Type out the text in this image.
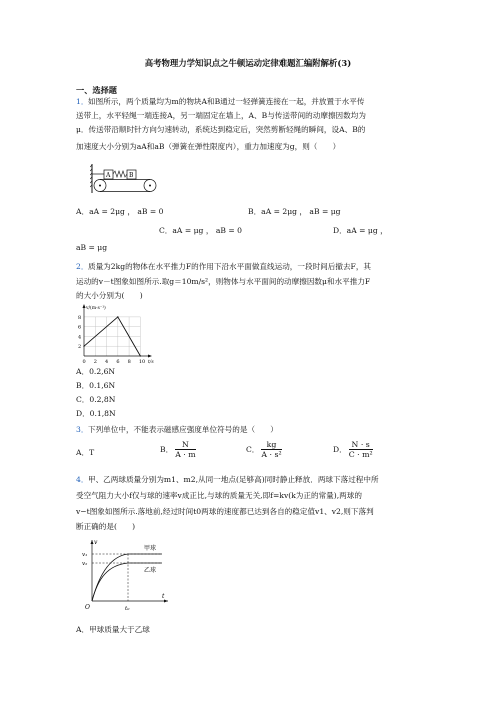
高考物理力学知识点之牛顿运动定律难题汇编附解析(3)
一、选择题
1． 如图所示，两个质量均为m的物块A和B通过一轻弹簧连接在一起，并放置于水平传
送带上，水平轻绳一端连接A，另一端固定在墙上，A、B与传送带间的动摩擦因数均为
μ．传送带沿顺时针方向匀速转动，系统达到稳定后，突然剪断轻绳的瞬间，设A、B的
加速度大小分别为aA和aB（弹簧在弹性限度内），重力加速度为g，则（　　）
A	B
A．aA = 2μg ， aB = 0	B．aA = 2μg ， aB = μg
C．aA = μg ， aB = 0	D．aA = μg ，
aB = μg
2． 质量为2kg的物体在水平推力F的作用下沿水平面做直线运动，一段时间后撤去F，其
运动的v－t图象如图所示.取g＝10m/s²，则物体与水平面间的动摩擦因数μ和水平推力F
的大小分别为(　　)
0 2 4 6 8 10
2
4
6
8
v/(m·s⁻¹)
t/s
A．0.2,6N
B．0.1,6N
C．0.2,8N
D．0.1,8N
3． 下列单位中，不能表示磁感应强度单位符号的是（　　）
A．T	B． $\frac{N}{A \cdot m}$	C． $\frac{kg}{\text{A · s²}}$	D． $\frac{N \cdot s}{\text{C · m²}}$
4． 甲、乙两球质量分别为m1、m2,从同一地点(足够高)同时静止释放．两球下落过程中所
受空气阻力大小f仅与球的速率v成正比,与球的质量无关,即f=kv(k为正的常量),两球的
v−t图象如图所示.落地前,经过时间t0两球的速度都已达到各自的稳定值v1、v2,则下落判
断正确的是(　　)
v
v₁
v₂
甲球
乙球
O	t₀
t
A．甲球质量大于乙球
